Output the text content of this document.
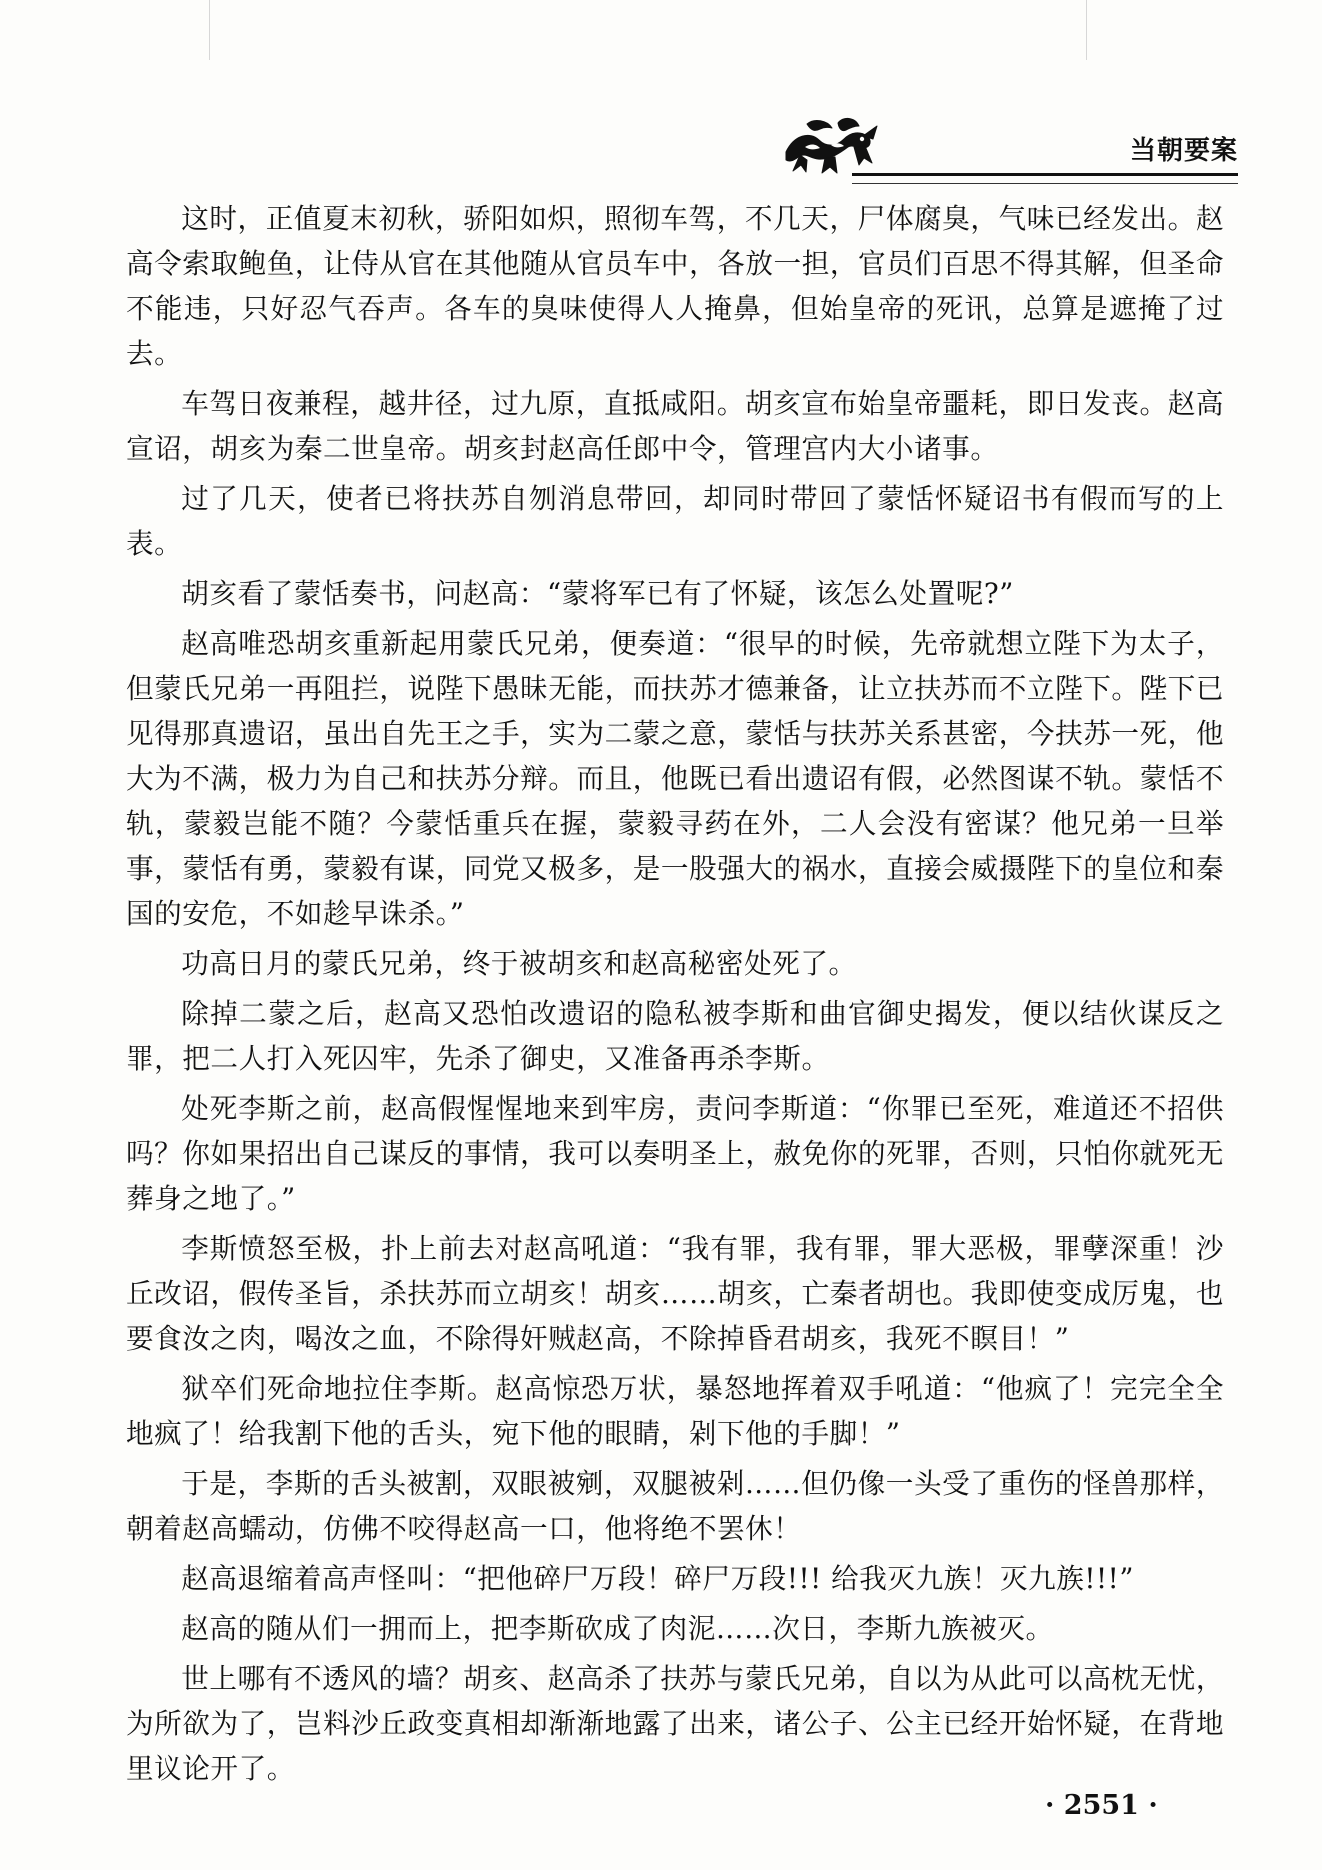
当朝要案

这时，正值夏末初秋，骄阳如炽，照彻车驾，不几天，尸体腐臭，气味已经发出。赵高令索取鲍鱼，让侍从官在其他随从官员车中，各放一担，官员们百思不得其解，但圣命不能违，只好忍气吞声。各车的臭味使得人人掩鼻，但始皇帝的死讯，总算是遮掩了过去。

车驾日夜兼程，越井径，过九原，直抵咸阳。胡亥宣布始皇帝噩耗，即日发丧。赵高宣诏，胡亥为秦二世皇帝。胡亥封赵高任郎中令，管理宫内大小诸事。

过了几天，使者已将扶苏自刎消息带回，却同时带回了蒙恬怀疑诏书有假而写的上表。

胡亥看了蒙恬奏书，问赵高：“蒙将军已有了怀疑，该怎么处置呢?”

赵高唯恐胡亥重新起用蒙氏兄弟，便奏道：“很早的时候，先帝就想立陛下为太子，但蒙氏兄弟一再阻拦，说陛下愚昧无能，而扶苏才德兼备，让立扶苏而不立陛下。陛下已见得那真遗诏，虽出自先王之手，实为二蒙之意，蒙恬与扶苏关系甚密，今扶苏一死，他大为不满，极力为自己和扶苏分辩。而且，他既已看出遗诏有假，必然图谋不轨。蒙恬不轨，蒙毅岂能不随？今蒙恬重兵在握，蒙毅寻药在外，二人会没有密谋？他兄弟一旦举事，蒙恬有勇，蒙毅有谋，同党又极多，是一股强大的祸水，直接会威摄陛下的皇位和秦国的安危，不如趁早诛杀。”

功高日月的蒙氏兄弟，终于被胡亥和赵高秘密处死了。

除掉二蒙之后，赵高又恐怕改遗诏的隐私被李斯和曲官御史揭发，便以结伙谋反之罪，把二人打入死囚牢，先杀了御史，又准备再杀李斯。

处死李斯之前，赵高假惺惺地来到牢房，责问李斯道：“你罪已至死，难道还不招供吗？你如果招出自己谋反的事情，我可以奏明圣上，赦免你的死罪，否则，只怕你就死无葬身之地了。”

李斯愤怒至极，扑上前去对赵高吼道：“我有罪，我有罪，罪大恶极，罪孽深重！沙丘改诏，假传圣旨，杀扶苏而立胡亥！胡亥……胡亥，亡秦者胡也。我即使变成厉鬼，也要食汝之肉，喝汝之血，不除得奸贼赵高，不除掉昏君胡亥，我死不瞑目！”

狱卒们死命地拉住李斯。赵高惊恐万状，暴怒地挥着双手吼道：“他疯了！完完全全地疯了！给我割下他的舌头，宛下他的眼睛，剁下他的手脚！”

于是，李斯的舌头被割，双眼被剜，双腿被剁……但仍像一头受了重伤的怪兽那样，朝着赵高蠕动，仿佛不咬得赵高一口，他将绝不罢休！

赵高退缩着高声怪叫：“把他碎尸万段！碎尸万段!!! 给我灭九族！灭九族!!!”

赵高的随从们一拥而上，把李斯砍成了肉泥……次日，李斯九族被灭。

世上哪有不透风的墙？胡亥、赵高杀了扶苏与蒙氏兄弟，自以为从此可以高枕无忧，为所欲为了，岂料沙丘政变真相却渐渐地露了出来，诸公子、公主已经开始怀疑，在背地里议论开了。

· 2551 ·
